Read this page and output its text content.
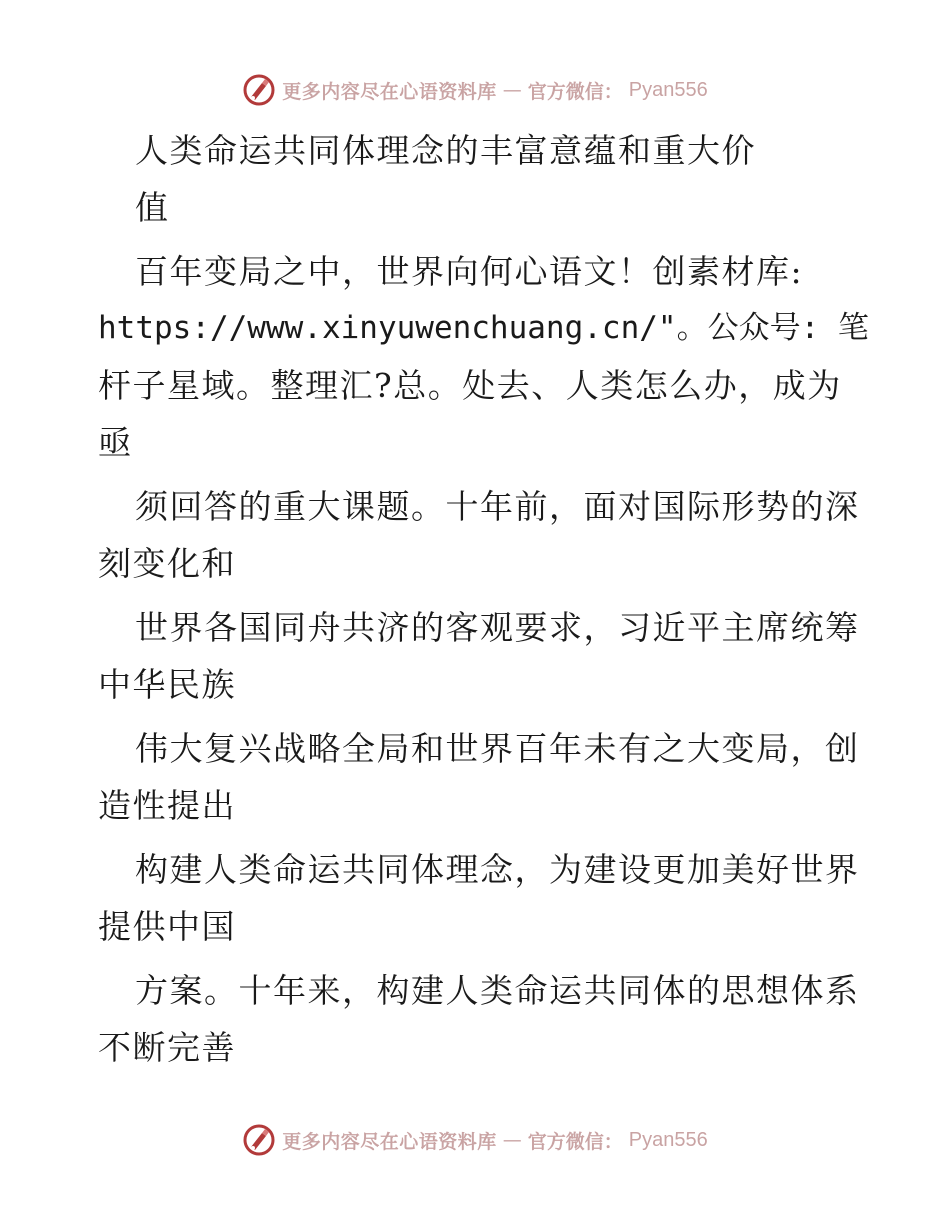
更多内容尽在心语资料库 — 官方微信： Pyan556
人类命运共同体理念的丰富意蕴和重大价
值
百年变局之中，世界向何心语文！创素材库:
https://www.xinyuwenchuang.cn/"。公众号: 笔
杆子星域。整理汇?总。处去、人类怎么办，成为
亟
须回答的重大课题。十年前，面对国际形势的深
刻变化和
世界各国同舟共济的客观要求，习近平主席统筹
中华民族
伟大复兴战略全局和世界百年未有之大变局，创
造性提出
构建人类命运共同体理念，为建设更加美好世界
提供中国
方案。十年来，构建人类命运共同体的思想体系
不断完善
更多内容尽在心语资料库 — 官方微信： Pyan556
